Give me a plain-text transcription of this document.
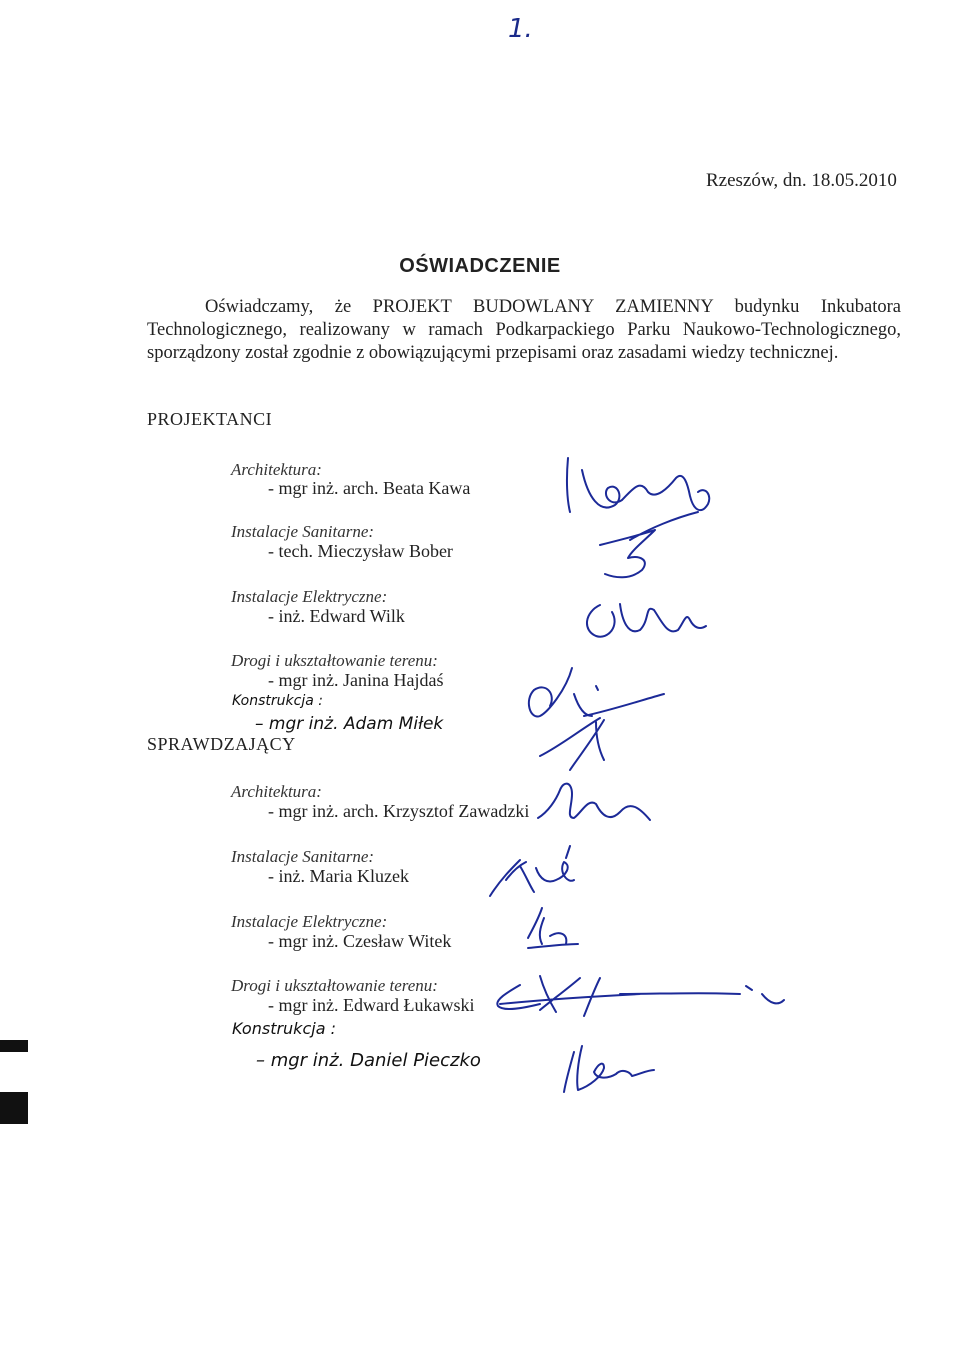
1.
Rzeszów, dn. 18.05.2010
OŚWIADCZENIE
Oświadczamy, że PROJEKT BUDOWLANY ZAMIENNY budynku Inkubatora Technologicznego, realizowany w ramach Podkarpackiego Parku Naukowo-Technologicznego, sporządzony został zgodnie z obowiązującymi przepisami oraz zasadami wiedzy technicznej.
PROJEKTANCI
Architektura:
- mgr inż. arch. Beata Kawa
Instalacje Sanitarne:
- tech. Mieczysław Bober
Instalacje Elektryczne:
- inż. Edward Wilk
Drogi i ukształtowanie terenu:
- mgr inż. Janina Hajdaś
Konstrukcja :
– mgr inż. Adam Miłek
SPRAWDZAJĄCY
Architektura:
- mgr inż. arch. Krzysztof Zawadzki
Instalacje Sanitarne:
- inż. Maria Kluzek
Instalacje Elektryczne:
- mgr inż. Czesław Witek
Drogi i ukształtowanie terenu:
- mgr inż. Edward Łukawski
Konstrukcja :
– mgr inż. Daniel Pieczko
